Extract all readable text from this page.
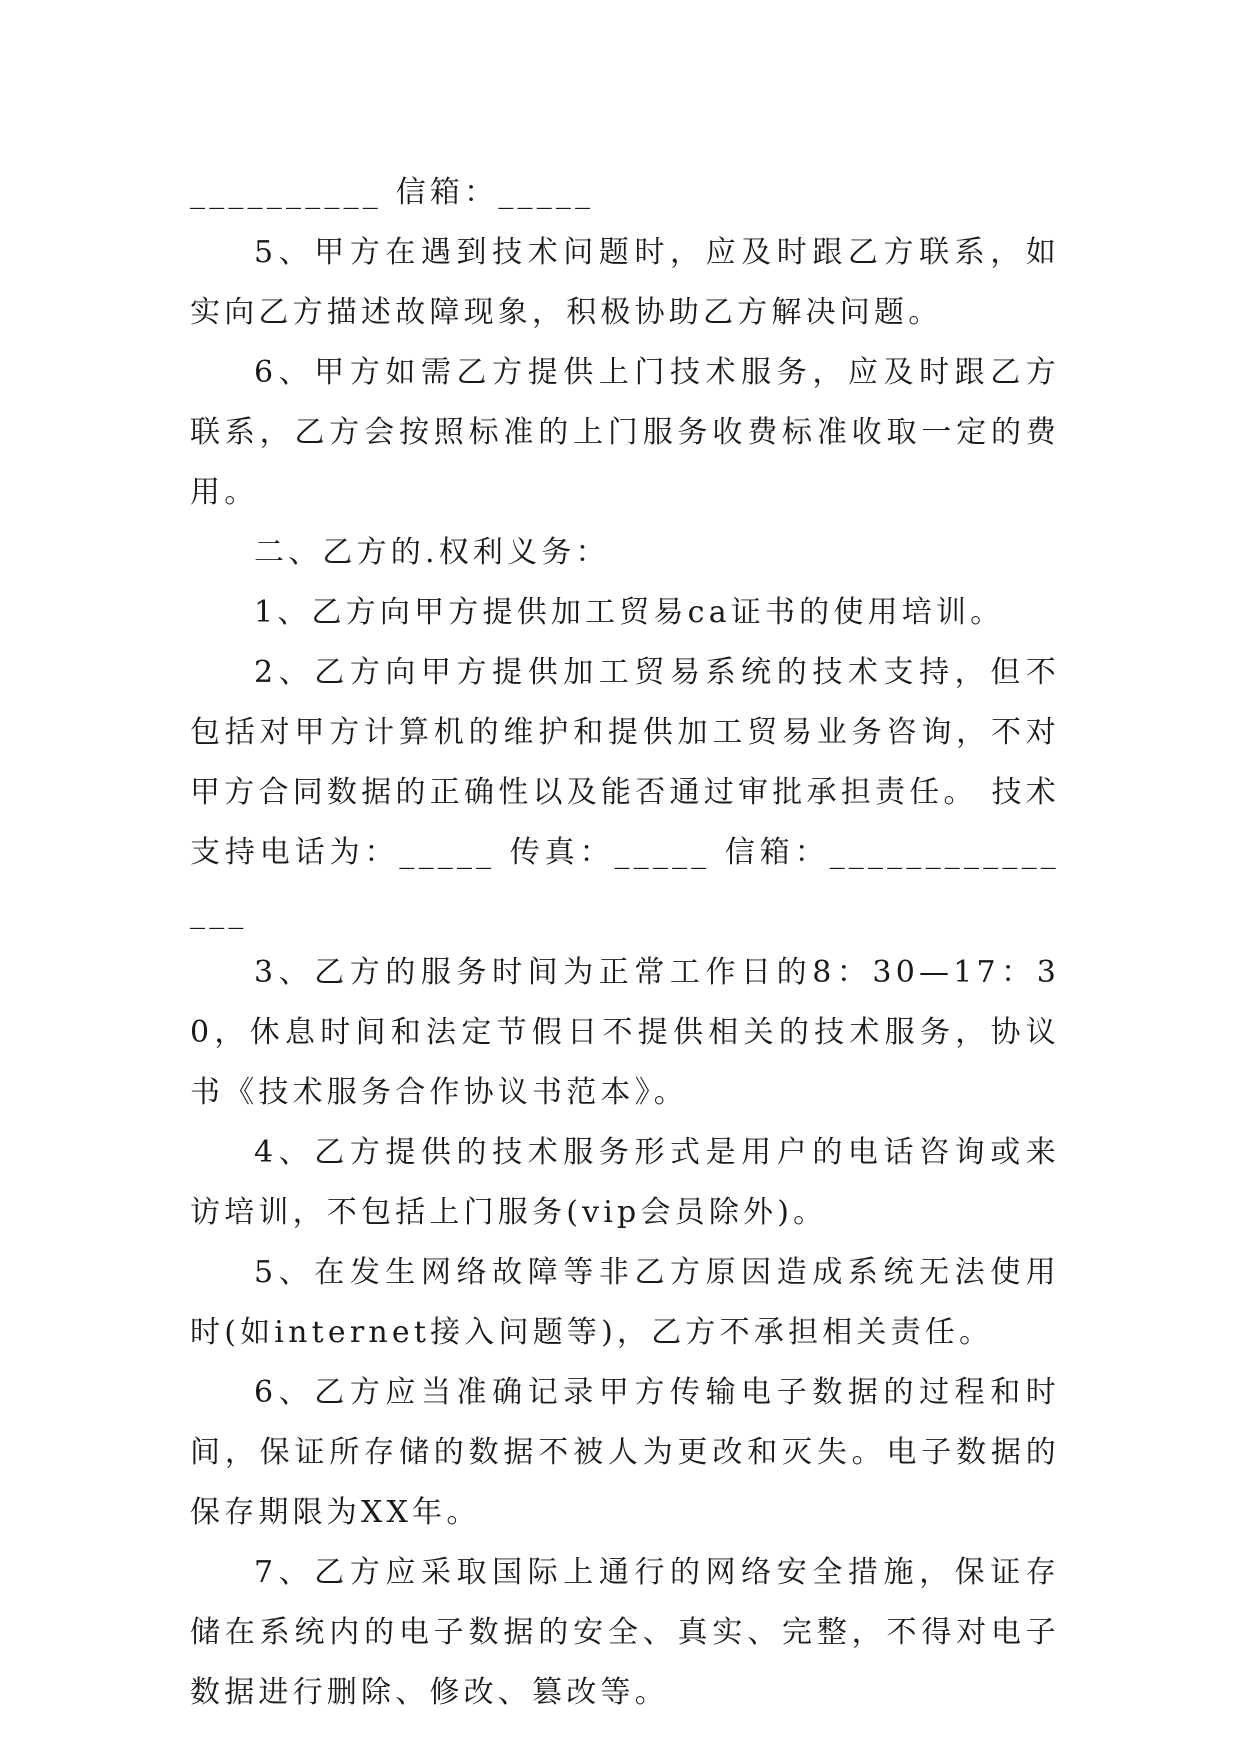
__________ 信箱：_____

5、甲方在遇到技术问题时，应及时跟乙方联系，如实向乙方描述故障现象，积极协助乙方解决问题。

6、甲方如需乙方提供上门技术服务，应及时跟乙方联系，乙方会按照标准的上门服务收费标准收取一定的费用。

二、乙方的.权利义务：

1、乙方向甲方提供加工贸易ca证书的使用培训。

2、乙方向甲方提供加工贸易系统的技术支持，但不包括对甲方计算机的维护和提供加工贸易业务咨询，不对甲方合同数据的正确性以及能否通过审批承担责任。 技术支持电话为：_____ 传真：_____ 信箱：_______________

3、乙方的服务时间为正常工作日的8：30—17：30，休息时间和法定节假日不提供相关的技术服务，协议书《技术服务合作协议书范本》。

4、乙方提供的技术服务形式是用户的电话咨询或来访培训，不包括上门服务(vip会员除外)。

5、在发生网络故障等非乙方原因造成系统无法使用时(如internet接入问题等)，乙方不承担相关责任。

6、乙方应当准确记录甲方传输电子数据的过程和时间，保证所存储的数据不被人为更改和灭失。电子数据的保存期限为XX年。

7、乙方应采取国际上通行的网络安全措施，保证存储在系统内的电子数据的安全、真实、完整，不得对电子数据进行删除、修改、篡改等。
